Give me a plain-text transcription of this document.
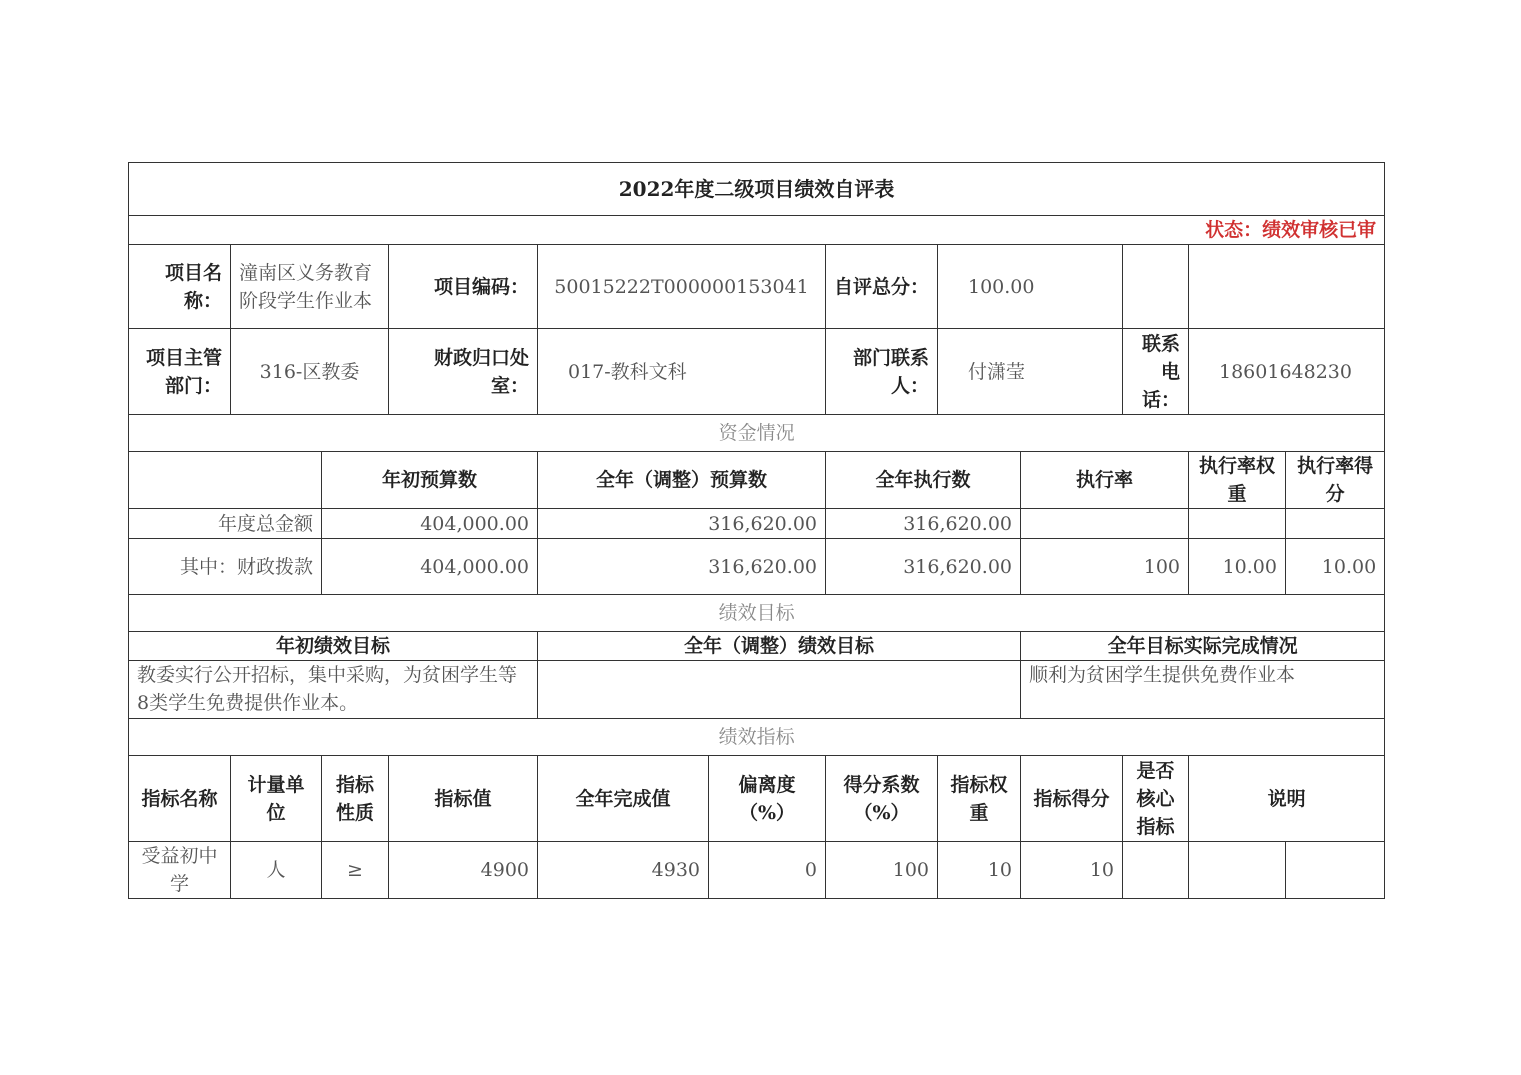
2022年度二级项目绩效自评表											
状态：绩效审核已审											
项目名称：	潼南区义务教育阶段学生作业本		项目编码：	50015222T000000153041		自评总分：	100.00				
项目主管部门：	316-区教委		财政归口处室：	017-教科文科		部门联系人：	付潇莹		联系电话：	18601648230	
资金情况											
		年初预算数		全年（调整）预算数		全年执行数		执行率		执行率权重	执行率得分
年度总金额		404,000.00		316,620.00		316,620.00					
其中：财政拨款		404,000.00		316,620.00		316,620.00		100		10.00	10.00
绩效目标											
年初绩效目标				全年（调整）绩效目标				全年目标实际完成情况			
教委实行公开招标，集中采购，为贫困学生等8类学生免费提供作业本。								顺利为贫困学生提供免费作业本			
绩效指标											
指标名称	计量单位	指标性质	指标值	全年完成值	偏离度（%）	得分系数（%）	指标权重	指标得分	是否核心指标	说明	
受益初中学	人	≥	4900	4930	0	100	10	10			
